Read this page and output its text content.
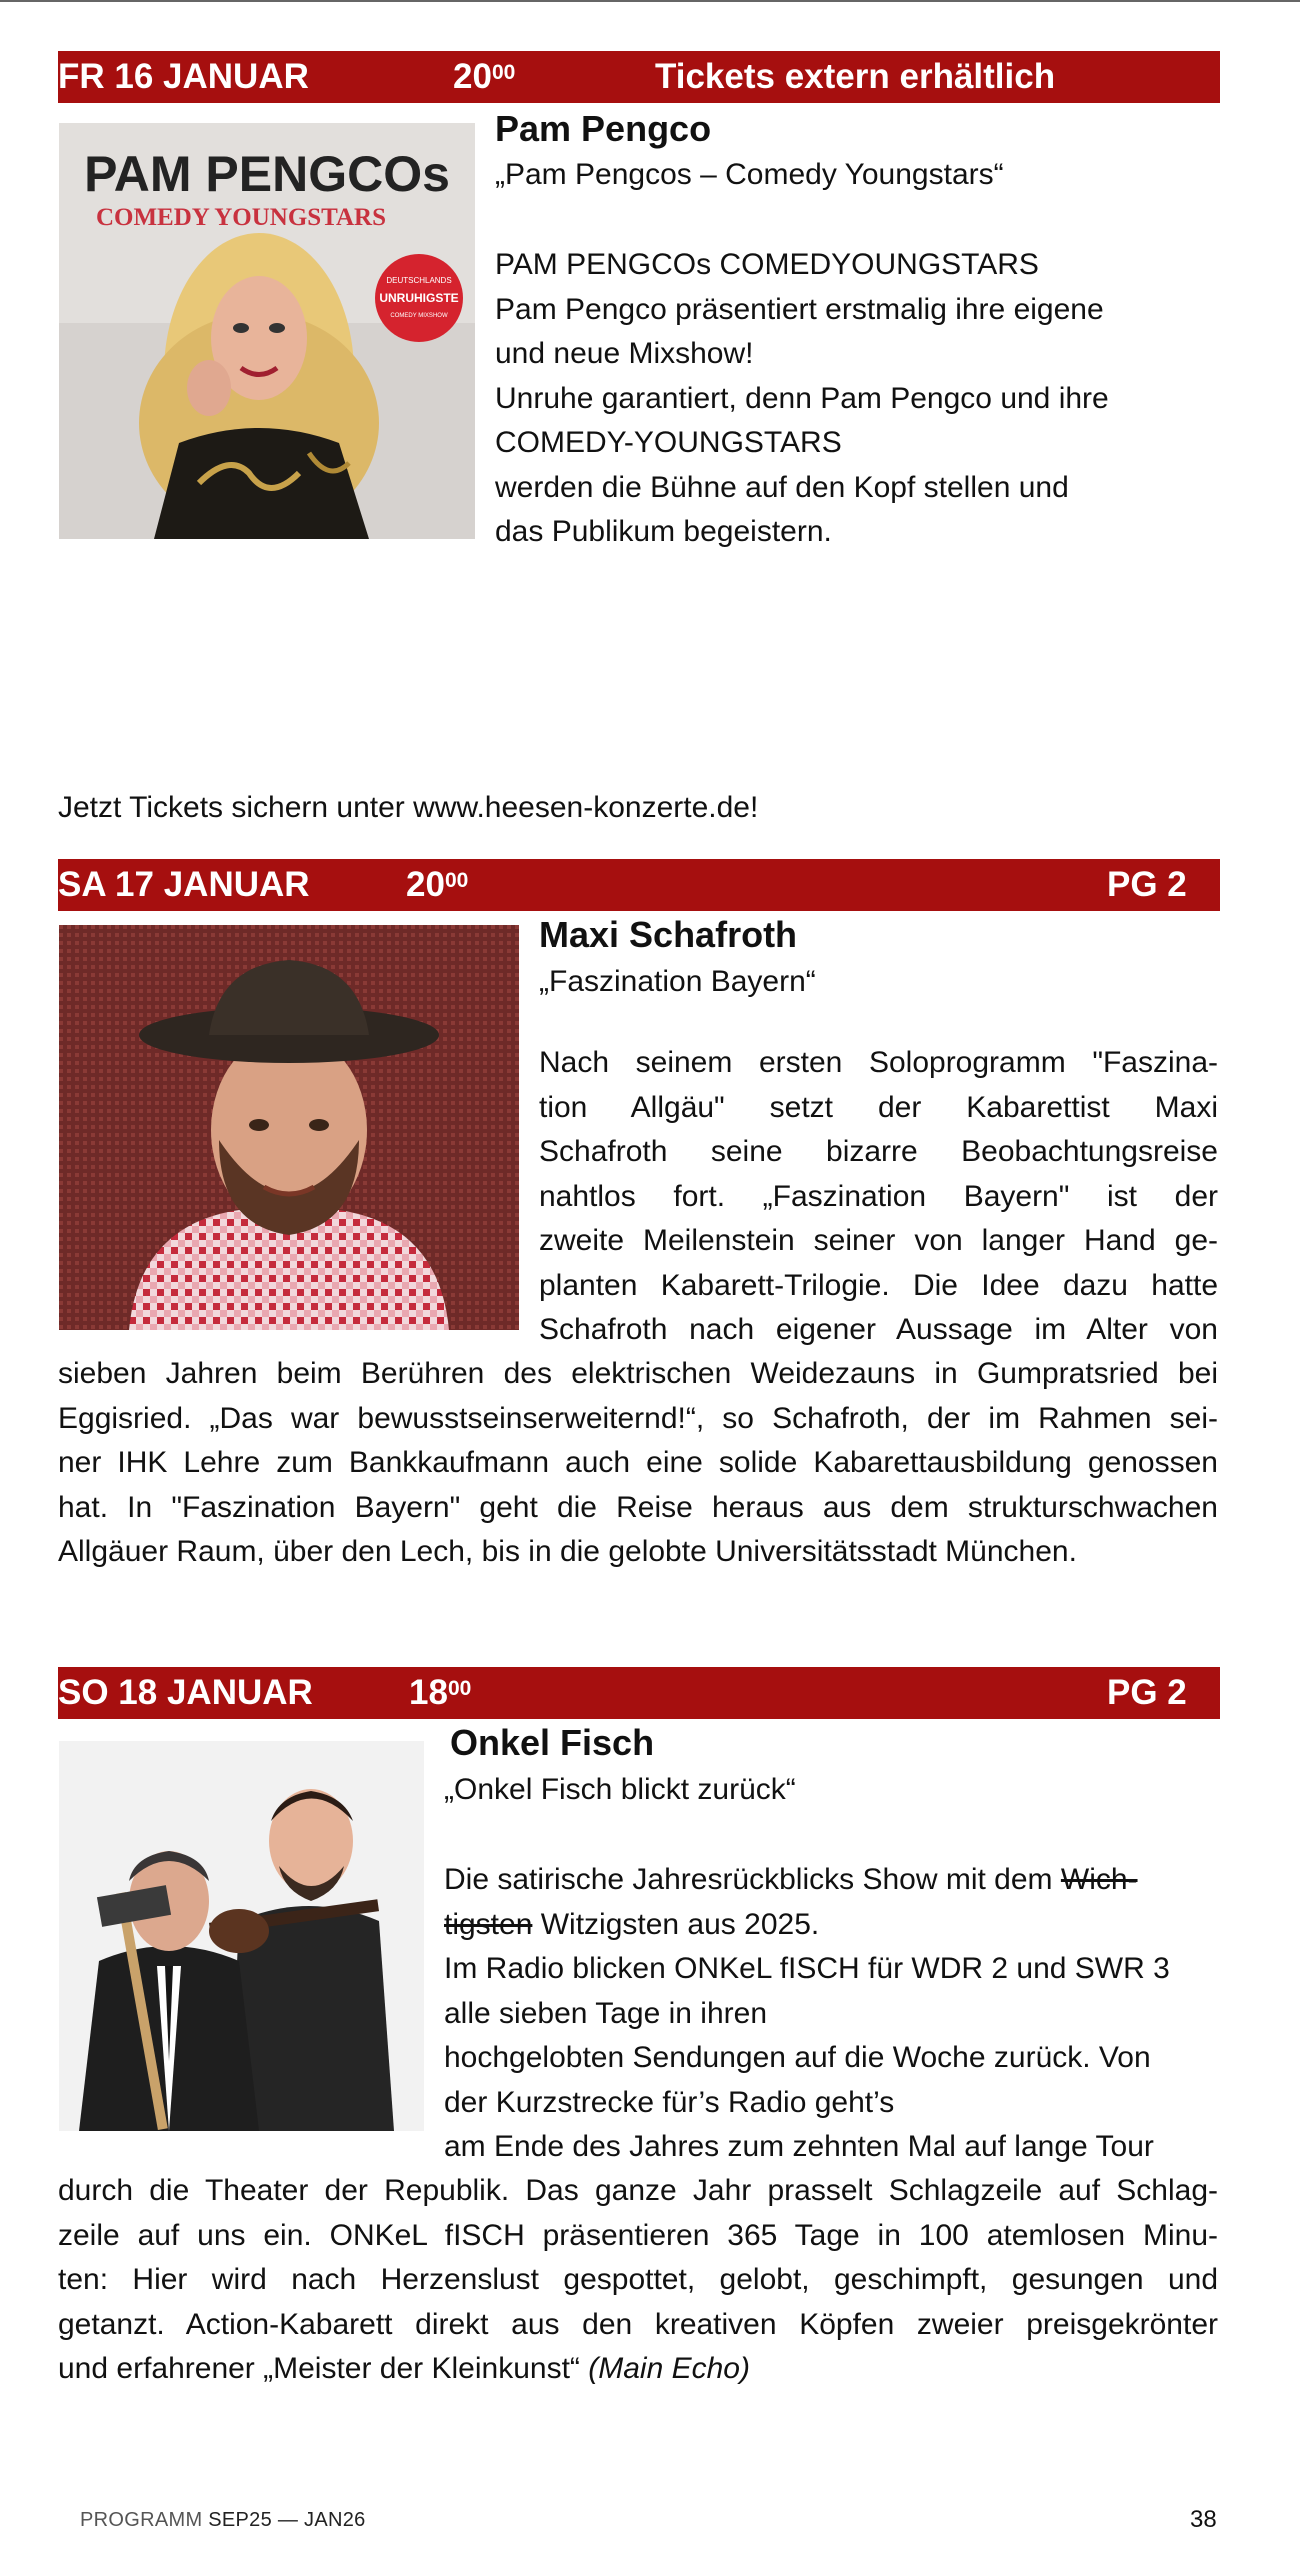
FR 16 JANUAR	$20^{00}$	Tickets extern erhältlich
PAM PENGCOs
COMEDY YOUNGSTARS
DEUTSCHLANDS
UNRUHIGSTE
COMEDY MIXSHOW
Pam Pengco
„Pam Pengcos – Comedy Youngstars“
PAM PENGCOs COMEDYOUNGSTARS
Pam Pengco präsentiert erstmalig ihre eigene
und neue Mixshow!
Unruhe garantiert, denn Pam Pengco und ihre
COMEDY-YOUNGSTARS
werden die Bühne auf den Kopf stellen und
das Publikum begeistern.
Jetzt Tickets sichern unter www.heesen-konzerte.de!
SA 17 JANUAR	$20^{00}$	PG 2
Maxi Schafroth
„Faszination Bayern“
Nach seinem ersten Soloprogramm "Faszina-
tion Allgäu" setzt der Kabarettist Maxi
Schafroth seine bizarre Beobachtungsreise
nahtlos fort. „Faszination Bayern" ist der
zweite Meilenstein seiner von langer Hand ge-
planten Kabarett-Trilogie. Die Idee dazu hatte
Schafroth nach eigener Aussage im Alter von
sieben Jahren beim Berühren des elektrischen Weidezauns in Gumpratsried bei
Eggisried. „Das war bewusstseinserweiternd!“, so Schafroth, der im Rahmen sei-
ner IHK Lehre zum Bankkaufmann auch eine solide Kabarettausbildung genossen
hat. In "Faszination Bayern" geht die Reise heraus aus dem strukturschwachen
Allgäuer Raum, über den Lech, bis in die gelobte Universitätsstadt München.
SO 18 JANUAR	$18^{00}$	PG 2
Onkel Fisch
„Onkel Fisch blickt zurück“
Die satirische Jahresrückblicks Show mit dem Wich-
tigsten Witzigsten aus 2025.
Im Radio blicken ONKeL fISCH für WDR 2 und SWR 3
alle sieben Tage in ihren
hochgelobten Sendungen auf die Woche zurück. Von
der Kurzstrecke für’s Radio geht’s
am Ende des Jahres zum zehnten Mal auf lange Tour
durch die Theater der Republik. Das ganze Jahr prasselt Schlagzeile auf Schlag-
zeile auf uns ein. ONKeL fISCH präsentieren 365 Tage in 100 atemlosen Minu-
ten: Hier wird nach Herzenslust gespottet, gelobt, geschimpft, gesungen und
getanzt. Action-Kabarett direkt aus den kreativen Köpfen zweier preisgekrönter
und erfahrener „Meister der Kleinkunst“ (Main Echo)
PROGRAMM SEP25 — JAN26	38
